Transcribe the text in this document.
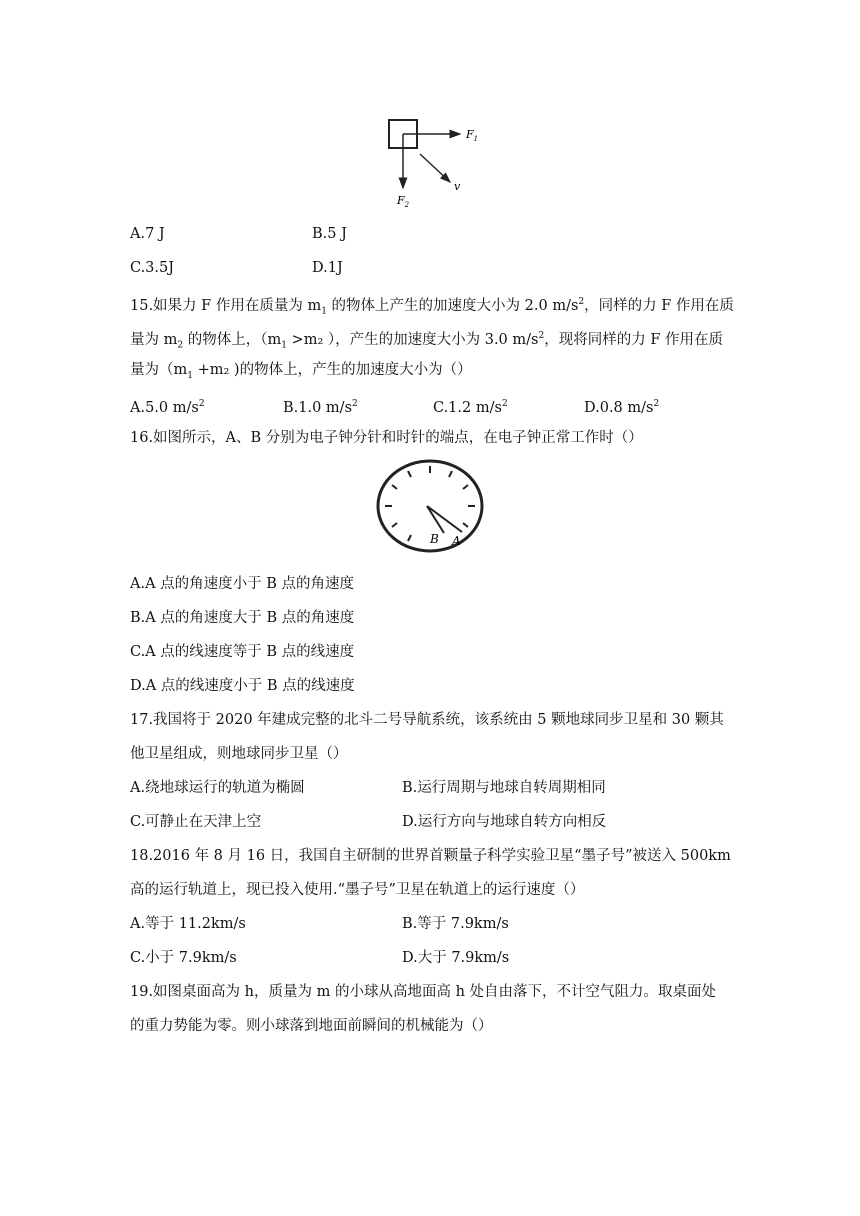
$F_1$
$F_2$
v
A.7 J	B.5 J
C.3.5J	D.1J
15.如果力 F 作用在质量为 $m_1$ 的物体上产生的加速度大小为 2.0 $m/s^2$，同样的力 F 作用在质
量为 $m_2$ 的物体上，（$m_1 >m_2$ ），产生的加速度大小为 3.0 $m/s^2$，现将同样的力 F 作用在质
量为（$m_1 +m_2$ )的物体上，产生的加速度大小为（）
A.5.0 $m/s^2$	B.1.0 $m/s^2$	C.1.2 $m/s^2$	D.0.8 $m/s^2$
16.如图所示，A、B 分别为电子钟分针和时针的端点，在电子钟正常工作时（）
B A
A.A 点的角速度小于 B 点的角速度
B.A 点的角速度大于 B 点的角速度
C.A 点的线速度等于 B 点的线速度
D.A 点的线速度小于 B 点的线速度
17.我国将于 2020 年建成完整的北斗二号导航系统，该系统由 5 颗地球同步卫星和 30 颗其
他卫星组成，则地球同步卫星（）
A.绕地球运行的轨道为椭圆	B.运行周期与地球自转周期相同
C.可静止在天津上空	D.运行方向与地球自转方向相反
18.2016 年 8 月 16 日，我国自主研制的世界首颗量子科学实验卫星“墨子号”被送入 500km
高的运行轨道上，现已投入使用.“墨子号”卫星在轨道上的运行速度（）
A.等于 11.2km/s	B.等于 7.9km/s
C.小于 7.9km/s	D.大于 7.9km/s
19.如图桌面高为 h，质量为 m 的小球从高地面高 h 处自由落下，不计空气阻力。取桌面处
的重力势能为零。则小球落到地面前瞬间的机械能为（）
